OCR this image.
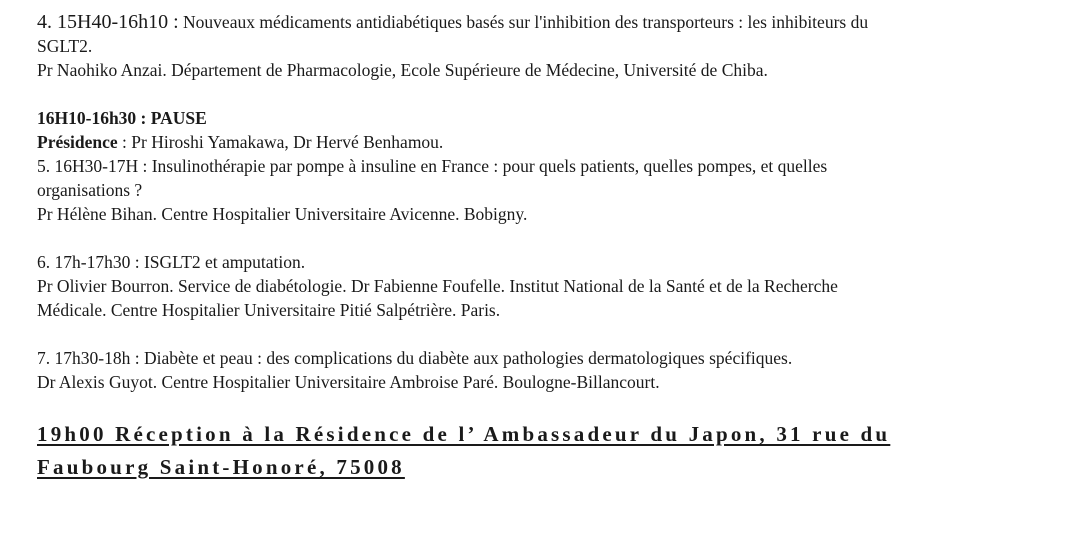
4. 15H40-16h10 : Nouveaux médicaments antidiabétiques basés sur l'inhibition des transporteurs : les inhibiteurs du
SGLT2.
Pr Naohiko Anzai. Département de Pharmacologie, Ecole Supérieure de Médecine, Université de Chiba.
16H10-16h30 : PAUSE
Présidence : Pr Hiroshi Yamakawa, Dr Hervé Benhamou.
5. 16H30-17H : Insulinothérapie par pompe à insuline en France : pour quels patients, quelles pompes, et quelles
organisations ?
Pr Hélène Bihan. Centre Hospitalier Universitaire Avicenne. Bobigny.
6. 17h-17h30 : ISGLT2 et amputation.
Pr Olivier Bourron. Service de diabétologie. Dr Fabienne Foufelle. Institut National de la Santé et de la Recherche
Médicale. Centre Hospitalier Universitaire Pitié Salpétrière. Paris.
7. 17h30-18h : Diabète et peau : des complications du diabète aux pathologies dermatologiques spécifiques.
Dr Alexis Guyot. Centre Hospitalier Universitaire Ambroise Paré. Boulogne-Billancourt.
19h00 Réception à la Résidence de l’ Ambassadeur du Japon, 31 rue du
Faubourg Saint-Honoré, 75008
